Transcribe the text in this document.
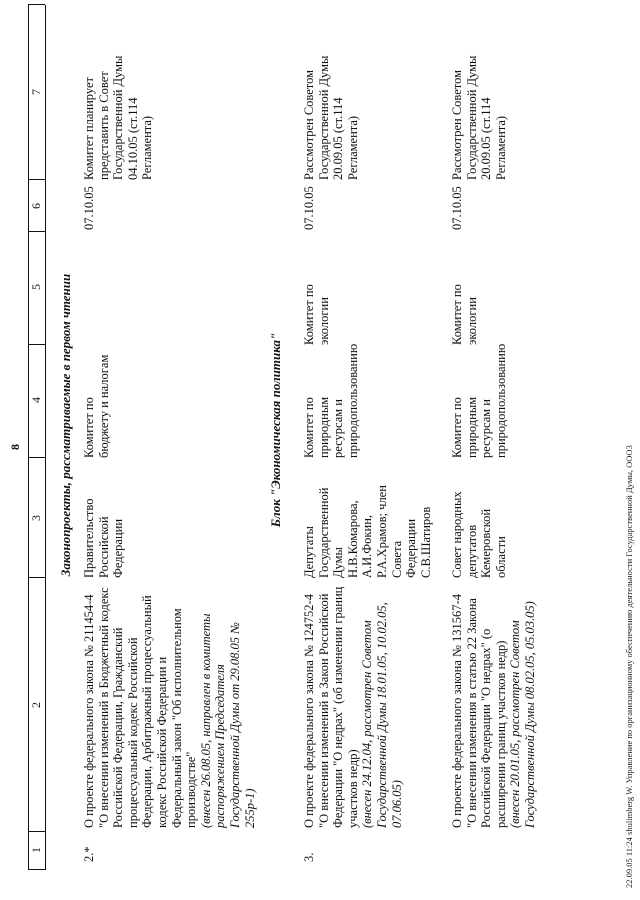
8
1
2
3
4
5
6
7
Законопроекты, рассматриваемые в первом чтении
2.*
О проекте федерального закона № 211454-4 "О внесении изменений в Бюджетный кодекс Российской Федерации, Гражданский процессуальный кодекс Российской Федерации, Арбитражный процессуальный кодекс Российской Федерации и Федеральный закон "Об исполнительном производстве" (внесен 26.08.05, направлен в комитеты распоряжением Председателя Государственной Думы от 29.08.05 № 255р-1)
Правительство Российской Федерации
Комитет по бюджету и налогам
07.10.05
Комитет планирует представить в Совет Государственной Думы 04.10.05 (ст.114 Регламента)
Блок "Экономическая политика"
3.
О проекте федерального закона № 124752-4 "О внесении изменений в Закон Российской Федерации "О недрах" (об изменении границ участков недр) (внесен 24.12.04, рассмотрен Советом Государственной Думы 18.01.05, 10.02.05, 07.06.05)
Депутаты Государственной Думы Н.В.Комарова, А.И.Фокин, Р.А.Храмов; член Совета Федерации С.В.Шатиров
Комитет по природным ресурсам и природопользованию
Комитет по экологии
07.10.05
Рассмотрен Советом Государственной Думы 20.09.05 (ст.114 Регламента)
О проекте федерального закона № 131567-4 "О внесении изменения в статью 22 Закона Российской Федерации "О недрах" (о расширении границ участков недр) (внесен 20.01.05, рассмотрен Советом Государственной Думы 08.02.05, 05.03.05)
Совет народных депутатов Кемеровской области
Комитет по природным ресурсам и природопользованию
Комитет по экологии
07.10.05
Рассмотрен Советом Государственной Думы 20.09.05 (ст.114 Регламента)
22.09.05 11:24 shulimberg W. Управление по организационному обеспечению деятельности Государственной Думы, ООО3
